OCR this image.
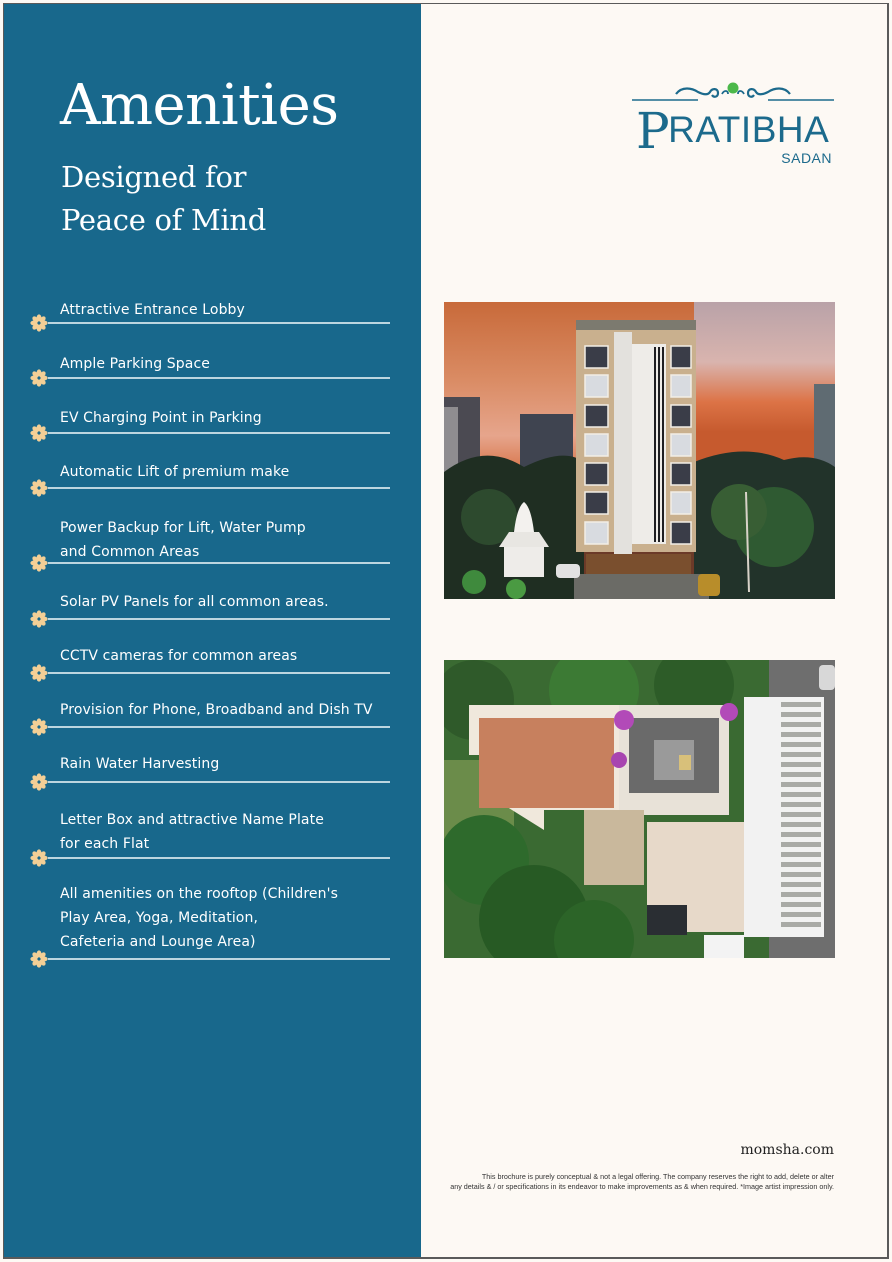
Amenities
Designed for
Peace of Mind
Attractive Entrance Lobby
Ample Parking Space
EV Charging Point in Parking
Automatic Lift of premium make
Power Backup for Lift, Water Pump
and Common Areas
Solar PV Panels for all common areas.
CCTV cameras for common areas
Provision for Phone, Broadband and Dish TV
Rain Water Harvesting
Letter Box and attractive Name Plate
for each Flat
All amenities on the rooftop (Children's
Play Area, Yoga, Meditation,
Cafeteria and Lounge Area)
PRATIBHA
SADAN
momsha.com
This brochure is purely conceptual & not a legal offering. The company reserves the right to add, delete or alter
any details & / or specifications in its endeavor to make improvements as & when required. *Image artist impression only.
